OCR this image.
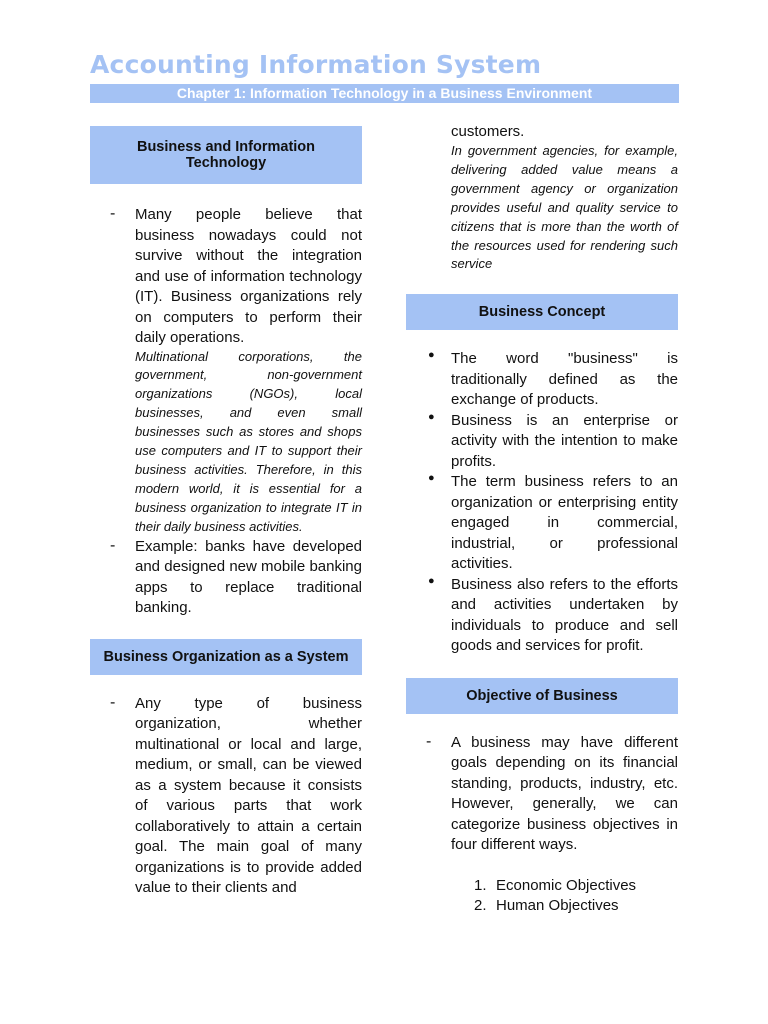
Accounting Information System
Chapter 1: Information Technology in a Business Environment
Business and Information Technology
- Many people believe that business nowadays could not survive without the integration and use of information technology (IT). Business organizations rely on computers to perform their daily operations.
Multinational corporations, the government, non-government organizations (NGOs), local businesses, and even small businesses such as stores and shops use computers and IT to support their business activities. Therefore, in this modern world, it is essential for a business organization to integrate IT in their daily business activities.
- Example: banks have developed and designed new mobile banking apps to replace traditional banking.
Business Organization as a System
- Any type of business organization, whether multinational or local and large, medium, or small, can be viewed as a system because it consists of various parts that work collaboratively to attain a certain goal. The main goal of many organizations is to provide added value to their clients and
customers.
In government agencies, for example, delivering added value means a government agency or organization provides useful and quality service to citizens that is more than the worth of the resources used for rendering such service
Business Concept
● The word "business" is traditionally defined as the exchange of products.
● Business is an enterprise or activity with the intention to make profits.
● The term business refers to an organization or enterprising entity engaged in commercial, industrial, or professional activities.
● Business also refers to the efforts and activities undertaken by individuals to produce and sell goods and services for profit.
Objective of Business
- A business may have different goals depending on its financial standing, products, industry, etc. However, generally, we can categorize business objectives in four different ways.
1. Economic Objectives
2. Human Objectives
